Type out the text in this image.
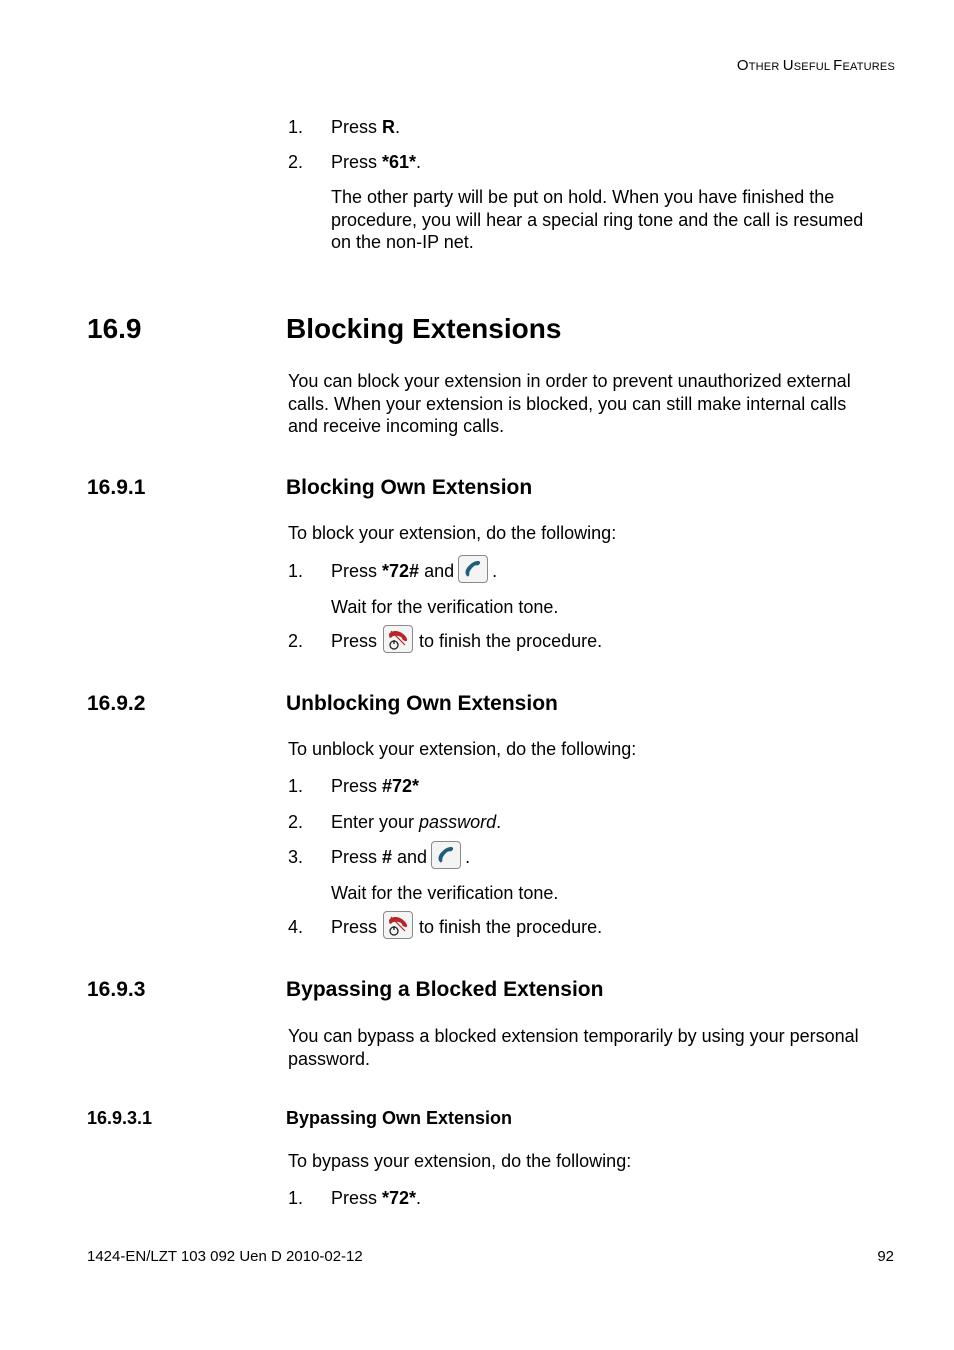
OTHER USEFUL FEATURES
1. Press R.
2. Press *61*.
The other party will be put on hold. When you have finished the
procedure, you will hear a special ring tone and the call is resumed
on the non-IP net.
16.9	Blocking Extensions
You can block your extension in order to prevent unauthorized external
calls. When your extension is blocked, you can still make internal calls
and receive incoming calls.
16.9.1	Blocking Own Extension
To block your extension, do the following:
1. Press *72# and .
Wait for the verification tone.
2. Press to finish the procedure.
16.9.2	Unblocking Own Extension
To unblock your extension, do the following:
1. Press #72*
2. Enter your password.
3. Press # and .
Wait for the verification tone.
4. Press to finish the procedure.
16.9.3	Bypassing a Blocked Extension
You can bypass a blocked extension temporarily by using your personal
password.
16.9.3.1	Bypassing Own Extension
To bypass your extension, do the following:
1. Press *72*.
1424-EN/LZT 103 092 Uen D 2010-02-12	92
